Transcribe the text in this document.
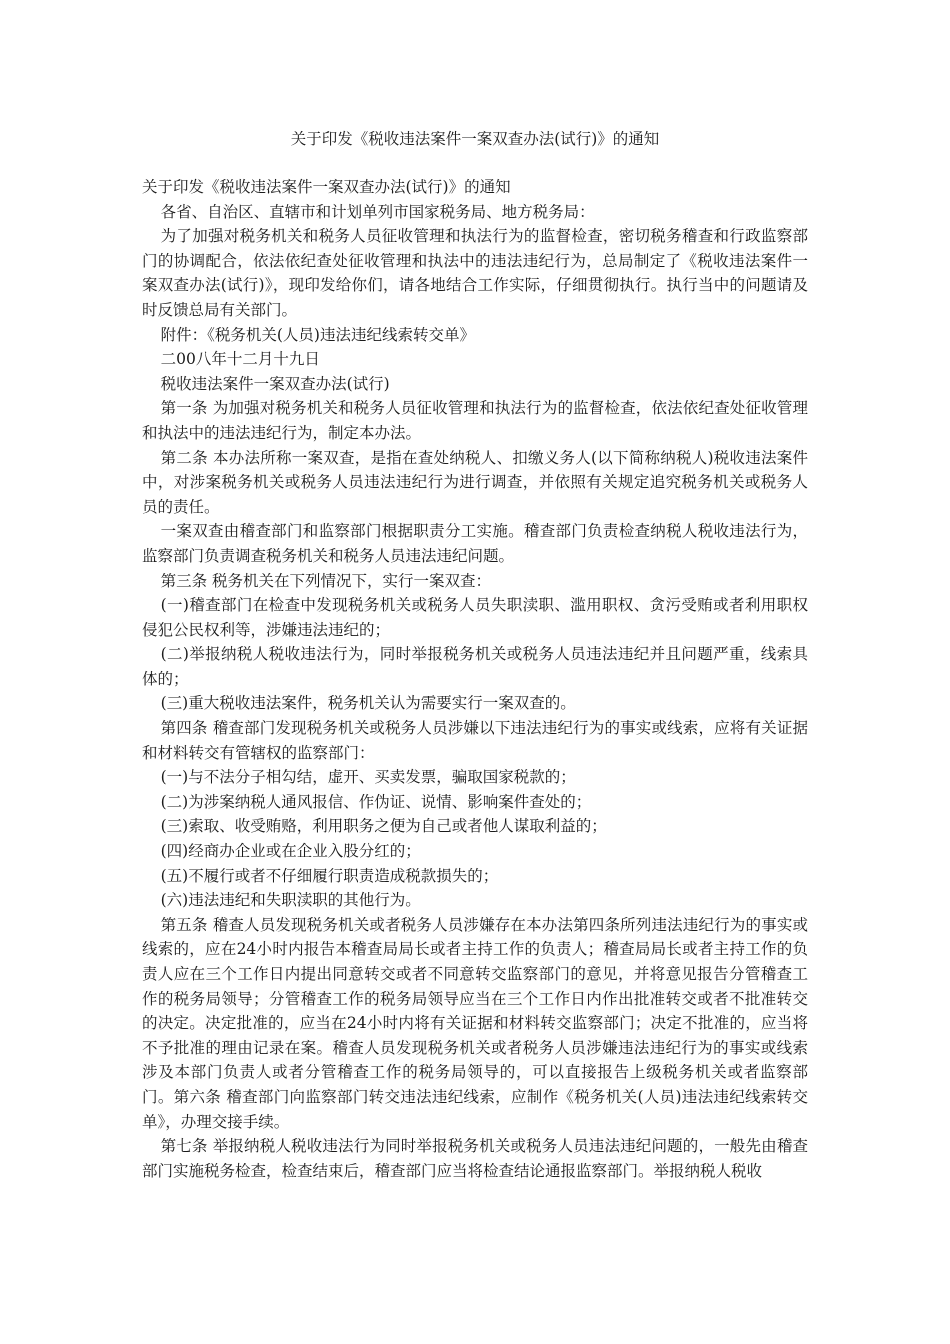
关于印发《税收违法案件一案双查办法(试行)》的通知

关于印发《税收违法案件一案双查办法(试行)》的通知

各省、自治区、直辖市和计划单列市国家税务局、地方税务局：

为了加强对税务机关和税务人员征收管理和执法行为的监督检查，密切税务稽查和行政监察部门的协调配合，依法依纪查处征收管理和执法中的违法违纪行为，总局制定了《税收违法案件一案双查办法(试行)》，现印发给你们，请各地结合工作实际，仔细贯彻执行。执行当中的问题请及时反馈总局有关部门。

附件：《税务机关(人员)违法违纪线索转交单》

二00八年十二月十九日

税收违法案件一案双查办法(试行)

第一条 为加强对税务机关和税务人员征收管理和执法行为的监督检查，依法依纪查处征收管理和执法中的违法违纪行为，制定本办法。

第二条 本办法所称一案双查，是指在查处纳税人、扣缴义务人(以下简称纳税人)税收违法案件中，对涉案税务机关或税务人员违法违纪行为进行调查，并依照有关规定追究税务机关或税务人员的责任。

一案双查由稽查部门和监察部门根据职责分工实施。稽查部门负责检查纳税人税收违法行为，监察部门负责调查税务机关和税务人员违法违纪问题。

第三条 税务机关在下列情况下，实行一案双查：

(一)稽查部门在检查中发现税务机关或税务人员失职渎职、滥用职权、贪污受贿或者利用职权侵犯公民权利等，涉嫌违法违纪的；

(二)举报纳税人税收违法行为，同时举报税务机关或税务人员违法违纪并且问题严重，线索具体的；

(三)重大税收违法案件，税务机关认为需要实行一案双查的。

第四条 稽查部门发现税务机关或税务人员涉嫌以下违法违纪行为的事实或线索，应将有关证据和材料转交有管辖权的监察部门：

(一)与不法分子相勾结，虚开、买卖发票，骗取国家税款的；

(二)为涉案纳税人通风报信、作伪证、说情、影响案件查处的；

(三)索取、收受贿赂，利用职务之便为自己或者他人谋取利益的；

(四)经商办企业或在企业入股分红的；

(五)不履行或者不仔细履行职责造成税款损失的；

(六)违法违纪和失职渎职的其他行为。

第五条 稽查人员发现税务机关或者税务人员涉嫌存在本办法第四条所列违法违纪行为的事实或线索的，应在24小时内报告本稽查局局长或者主持工作的负责人；稽查局局长或者主持工作的负责人应在三个工作日内提出同意转交或者不同意转交监察部门的意见，并将意见报告分管稽查工作的税务局领导；分管稽查工作的税务局领导应当在三个工作日内作出批准转交或者不批准转交的决定。决定批准的，应当在24小时内将有关证据和材料转交监察部门；决定不批准的，应当将不予批准的理由记录在案。稽查人员发现税务机关或者税务人员涉嫌违法违纪行为的事实或线索涉及本部门负责人或者分管稽查工作的税务局领导的，可以直接报告上级税务机关或者监察部门。第六条 稽查部门向监察部门转交违法违纪线索，应制作《税务机关(人员)违法违纪线索转交单》，办理交接手续。

第七条 举报纳税人税收违法行为同时举报税务机关或税务人员违法违纪问题的，一般先由稽查部门实施税务检查，检查结束后，稽查部门应当将检查结论通报监察部门。举报纳税人税收
